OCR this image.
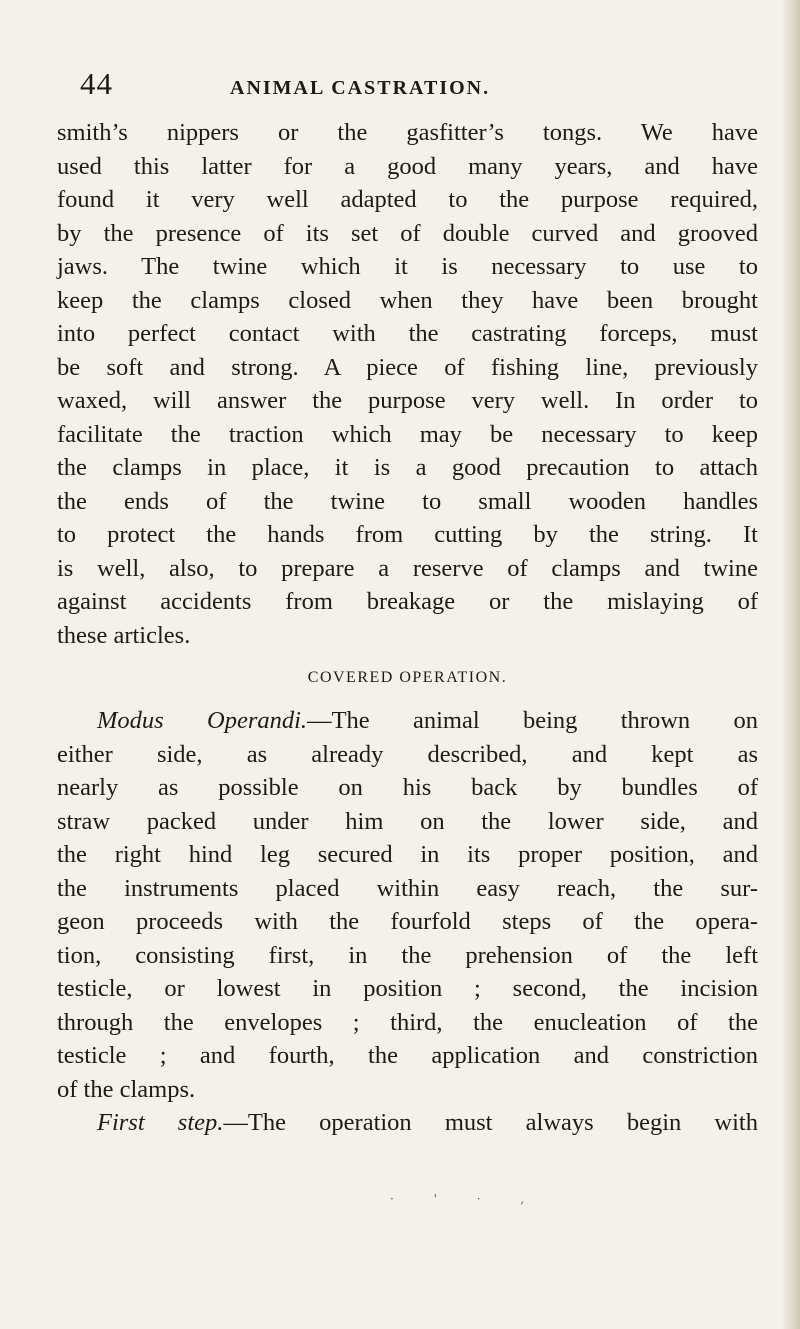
44	ANIMAL CASTRATION.
smith’s nippers or the gasfitter’s tongs. We have
used this latter for a good many years, and have
found it very well adapted to the purpose required,
by the presence of its set of double curved and grooved
jaws. The twine which it is necessary to use to
keep the clamps closed when they have been brought
into perfect contact with the castrating forceps, must
be soft and strong. A piece of fishing line, previously
waxed, will answer the purpose very well. In order to
facilitate the traction which may be necessary to keep
the clamps in place, it is a good precaution to attach
the ends of the twine to small wooden handles
to protect the hands from cutting by the string. It
is well, also, to prepare a reserve of clamps and twine
against accidents from breakage or the mislaying of
these articles.
COVERED OPERATION.
Modus Operandi.—The animal being thrown on
either side, as already described, and kept as
nearly as possible on his back by bundles of
straw packed under him on the lower side, and
the right hind leg secured in its proper position, and
the instruments placed within easy reach, the sur-
geon proceeds with the fourfold steps of the opera-
tion, consisting first, in the prehension of the left
testicle, or lowest in position ; second, the incision
through the envelopes ; third, the enucleation of the
testicle ; and fourth, the application and constriction
of the clamps.
First step.—The operation must always begin with
· ' · ,
